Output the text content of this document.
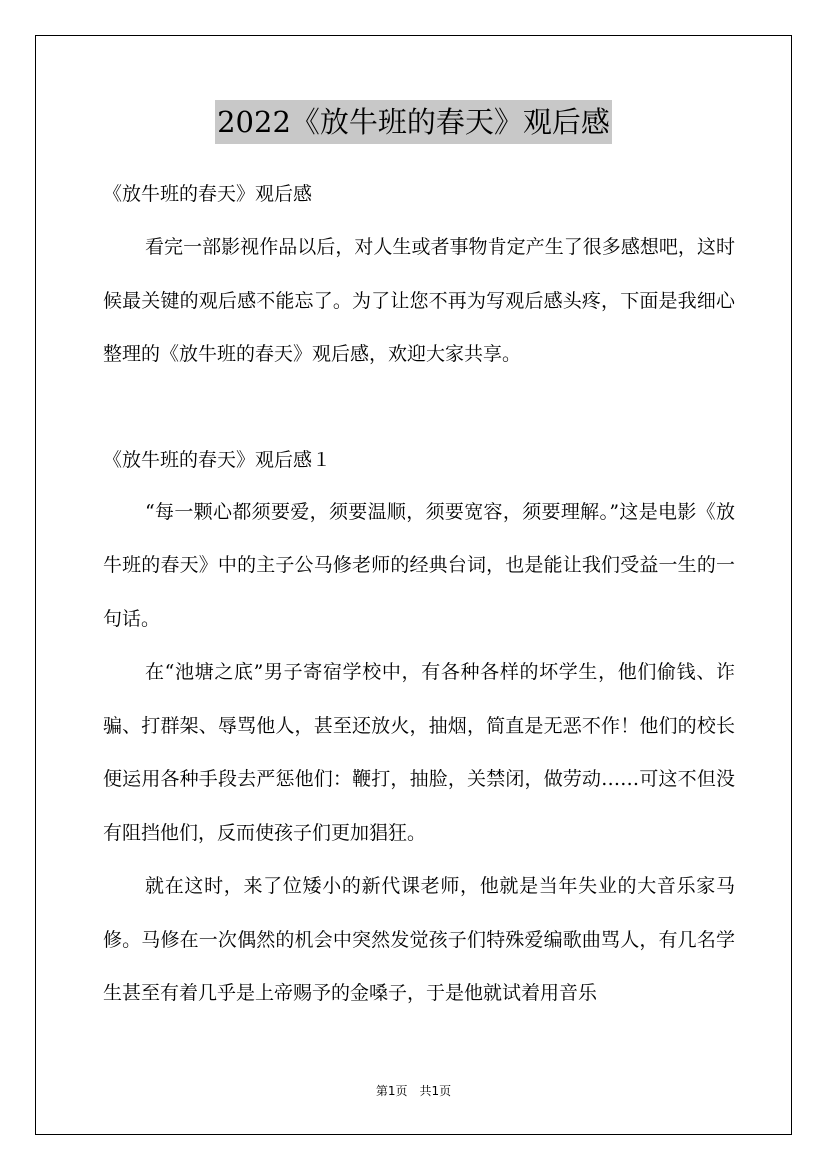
2022《放牛班的春天》观后感
《放牛班的春天》观后感

看完一部影视作品以后，对人生或者事物肯定产生了很多感想吧，这时候最关键的观后感不能忘了。为了让您不再为写观后感头疼，下面是我细心整理的《放牛班的春天》观后感，欢迎大家共享。

《放牛班的春天》观后感１

“每一颗心都须要爱，须要温顺，须要宽容，须要理解。”这是电影《放牛班的春天》中的主子公马修老师的经典台词，也是能让我们受益一生的一句话。

在“池塘之底”男子寄宿学校中，有各种各样的坏学生，他们偷钱、诈骗、打群架、辱骂他人，甚至还放火，抽烟，简直是无恶不作！他们的校长便运用各种手段去严惩他们：鞭打，抽脸，关禁闭，做劳动……可这不但没有阻挡他们，反而使孩子们更加猖狂。

就在这时，来了位矮小的新代课老师，他就是当年失业的大音乐家马修。马修在一次偶然的机会中突然发觉孩子们特殊爱编歌曲骂人，有几名学生甚至有着几乎是上帝赐予的金嗓子，于是他就试着用音乐

第1页　共1页
